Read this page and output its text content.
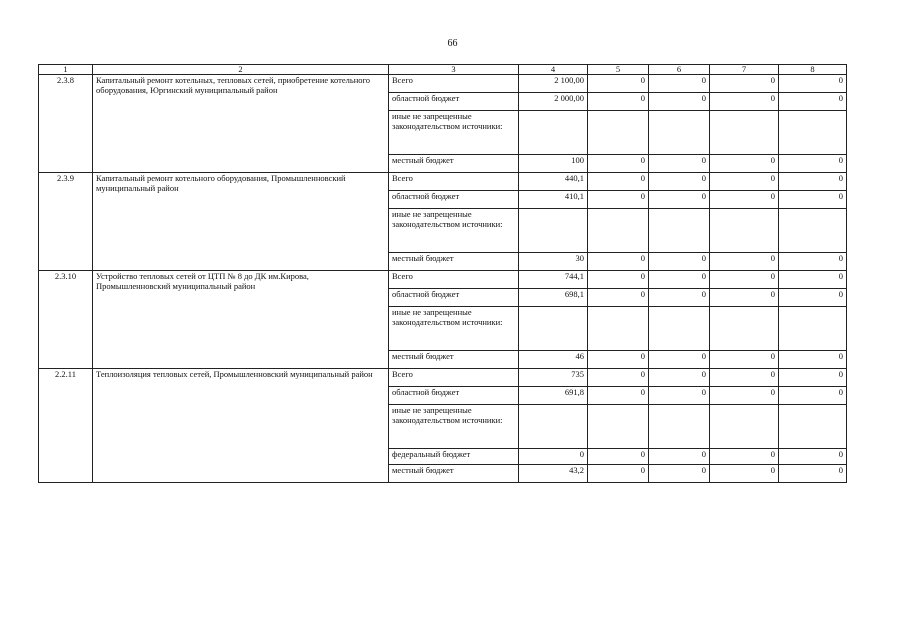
66
1	2	3	4	5	6	7	8
2.3.8	Капитальный ремонт котельных, тепловых сетей, приобретение котельного оборудования, Юргинский муниципальный район	Всего	2 100,00	0	0	0	0
		областной бюджет	2 000,00	0	0	0	0
		иные не запрещенные законодательством источники:					
		местный бюджет	100	0	0	0	0
2.3.9	Капитальный ремонт котельного оборудования, Промышленновский муниципальный район	Всего	440,1	0	0	0	0
		областной бюджет	410,1	0	0	0	0
		иные не запрещенные законодательством источники:					
		местный бюджет	30	0	0	0	0
2.3.10	Устройство тепловых сетей от ЦТП № 8 до ДК им.Кирова, Промышленновский муниципальный район	Всего	744,1	0	0	0	0
		областной бюджет	698,1	0	0	0	0
		иные не запрещенные законодательством источники:					
		местный бюджет	46	0	0	0	0
2.2.11	Теплоизоляция тепловых сетей, Промышленновский муниципальный район	Всего	735	0	0	0	0
		областной бюджет	691,8	0	0	0	0
		иные не запрещенные законодательством источники:					
		федеральный бюджет	0	0	0	0	0
		местный бюджет	43,2	0	0	0	0
